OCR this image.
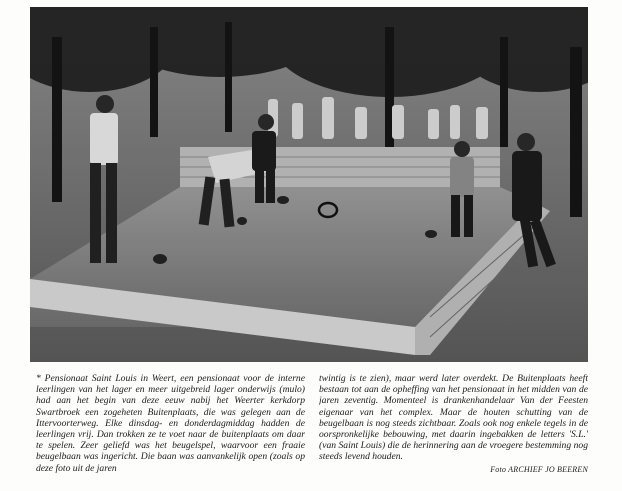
* Pensionaat Saint Louis in Weert, een pensionaat voor de interne leerlingen van het lager en meer uitgebreid lager onderwijs (mulo) had aan het begin van deze eeuw nabij het Weerter kerkdorp Swartbroek een zogeheten Buitenplaats, die was gelegen aan de Ittervoorterweg. Elke dinsdag- en donderdagmiddag hadden de leerlingen vrij. Dan trokken ze te voet naar de buitenplaats om daar te spelen. Zeer geliefd was het beugelspel, waarvoor een fraaie beugelbaan was ingericht. Die baan was aanvankelijk open (zoals op deze foto uit de jaren

twintig is te zien), maar werd later overdekt. De Buitenplaats heeft bestaan tot aan de opheffing van het pensionaat in het midden van de jaren zeventig. Momenteel is drankenhandelaar Van der Feesten eigenaar van het complex. Maar de houten schutting van de beugelbaan is nog steeds zichtbaar. Zoals ook nog enkele tegels in de oorspronkelijke bebouwing, met daarin ingebakken de letters 'S.L.' (van Saint Louis) die de herinnering aan de vroegere bestemming nog steeds levend houden.

Foto ARCHIEF JO BEEREN
